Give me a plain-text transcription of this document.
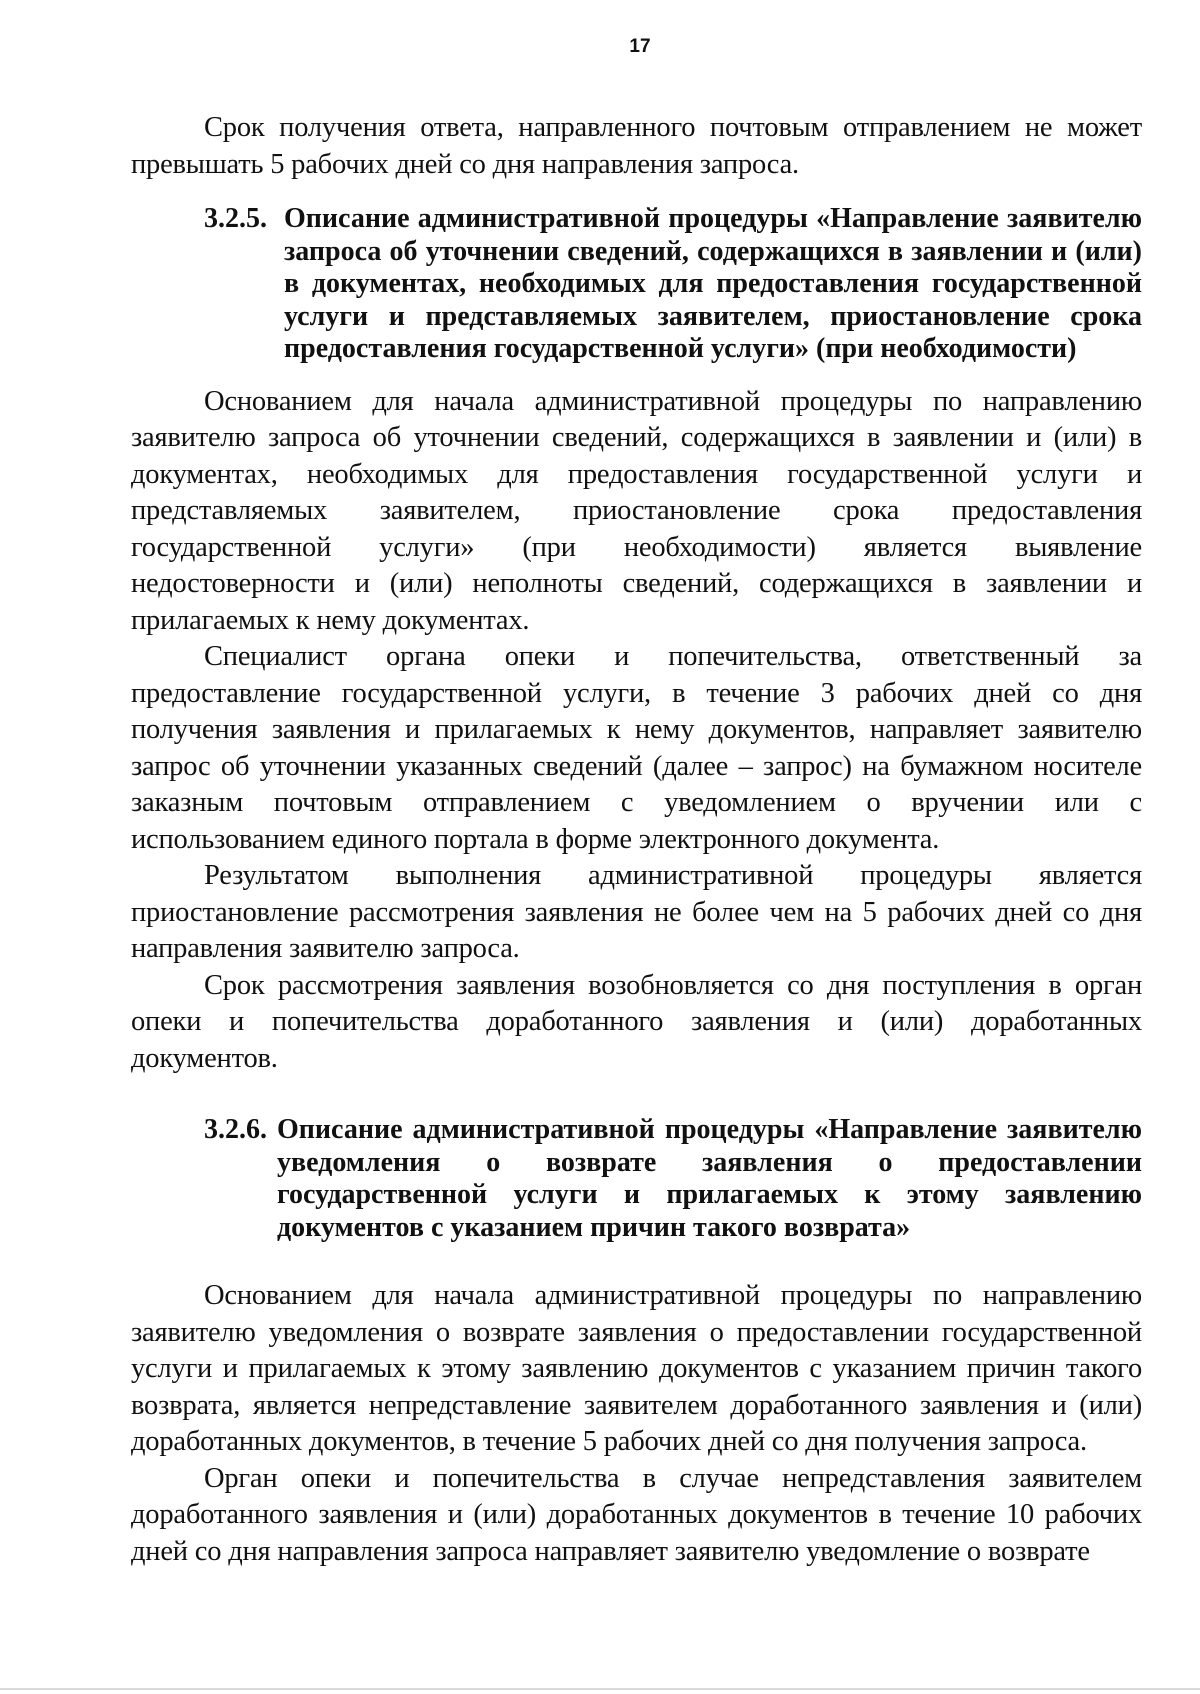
17

Срок получения ответа, направленного почтовым отправлением не может превышать 5 рабочих дней со дня направления запроса.

3.2.5. Описание административной процедуры «Направление заявителю запроса об уточнении сведений, содержащихся в заявлении и (или) в документах, необходимых для предоставления государственной услуги и представляемых заявителем, приостановление срока предоставления государственной услуги» (при необходимости)

Основанием для начала административной процедуры по направлению заявителю запроса об уточнении сведений, содержащихся в заявлении и (или) в документах, необходимых для предоставления государственной услуги и представляемых заявителем, приостановление срока предоставления государственной услуги» (при необходимости) является выявление недостоверности и (или) неполноты сведений, содержащихся в заявлении и прилагаемых к нему документах.

Специалист органа опеки и попечительства, ответственный за предоставление государственной услуги, в течение 3 рабочих дней со дня получения заявления и прилагаемых к нему документов, направляет заявителю запрос об уточнении указанных сведений (далее – запрос) на бумажном носителе заказным почтовым отправлением с уведомлением о вручении или с использованием единого портала в форме электронного документа.

Результатом выполнения административной процедуры является приостановление рассмотрения заявления не более чем на 5 рабочих дней со дня направления заявителю запроса.

Срок рассмотрения заявления возобновляется со дня поступления в орган опеки и попечительства доработанного заявления и (или) доработанных документов.

3.2.6. Описание административной процедуры «Направление заявителю уведомления о возврате заявления о предоставлении государственной услуги и прилагаемых к этому заявлению документов с указанием причин такого возврата»

Основанием для начала административной процедуры по направлению заявителю уведомления о возврате заявления о предоставлении государственной услуги и прилагаемых к этому заявлению документов с указанием причин такого возврата, является непредставление заявителем доработанного заявления и (или) доработанных документов, в течение 5 рабочих дней со дня получения запроса.

Орган опеки и попечительства в случае непредставления заявителем доработанного заявления и (или) доработанных документов в течение 10 рабочих дней со дня направления запроса направляет заявителю уведомление о возврате
